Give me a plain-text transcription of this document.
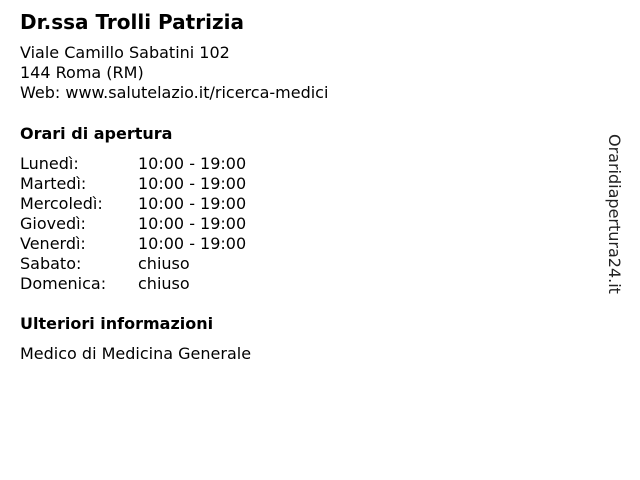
Dr.ssa Trolli Patrizia
Viale Camillo Sabatini 102
144 Roma (RM)
Web: www.salutelazio.it/ricerca-medici
Orari di apertura
Lunedì:	10:00 - 19:00
Martedì:	10:00 - 19:00
Mercoledì: 10:00 - 19:00
Giovedì:	10:00 - 19:00
Venerdì:	10:00 - 19:00
Sabato:	chiuso
Domenica: chiuso
Ulteriori informazioni
Medico di Medicina Generale
Oraridiapertura24.it
